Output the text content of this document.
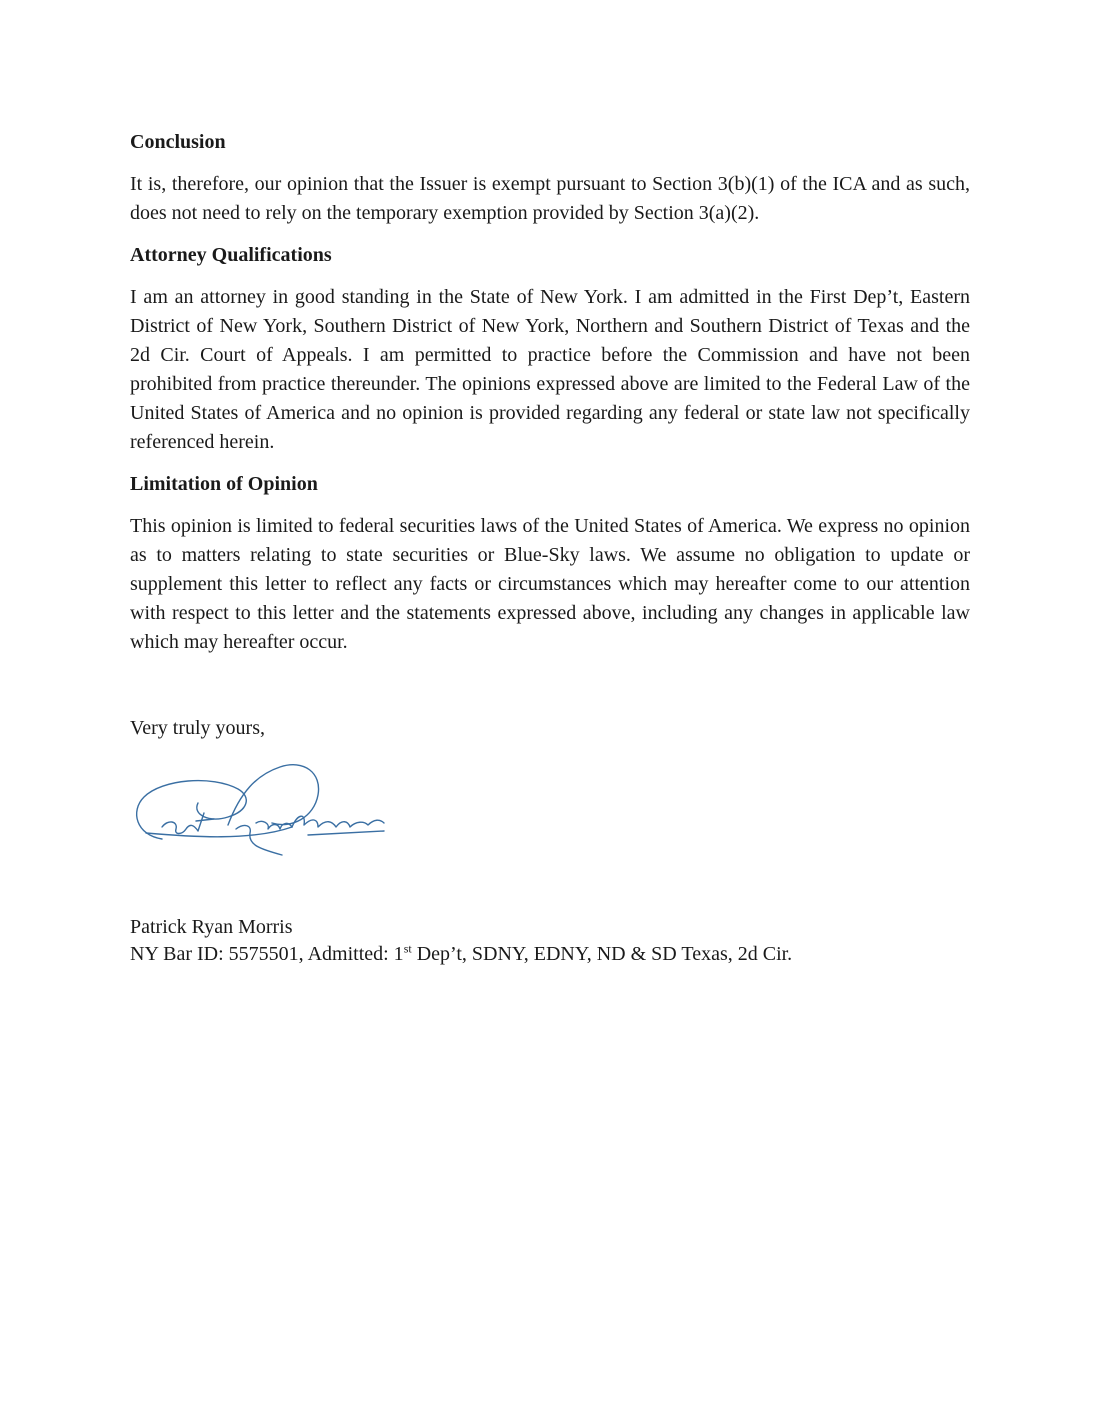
Conclusion

It is, therefore, our opinion that the Issuer is exempt pursuant to Section 3(b)(1) of the ICA and as such, does not need to rely on the temporary exemption provided by Section 3(a)(2).

Attorney Qualifications

I am an attorney in good standing in the State of New York. I am admitted in the First Dep’t, Eastern District of New York, Southern District of New York, Northern and Southern District of Texas and the 2d Cir. Court of Appeals. I am permitted to practice before the Commission and have not been prohibited from practice thereunder. The opinions expressed above are limited to the Federal Law of the United States of America and no opinion is provided regarding any federal or state law not specifically referenced herein.

Limitation of Opinion

This opinion is limited to federal securities laws of the United States of America. We express no opinion as to matters relating to state securities or Blue-Sky laws. We assume no obligation to update or supplement this letter to reflect any facts or circumstances which may hereafter come to our attention with respect to this letter and the statements expressed above, including any changes in applicable law which may hereafter occur.

Very truly yours,
Patrick Ryan Morris
NY Bar ID: 5575501, Admitted: 1st Dep’t, SDNY, EDNY, ND & SD Texas, 2d Cir.
